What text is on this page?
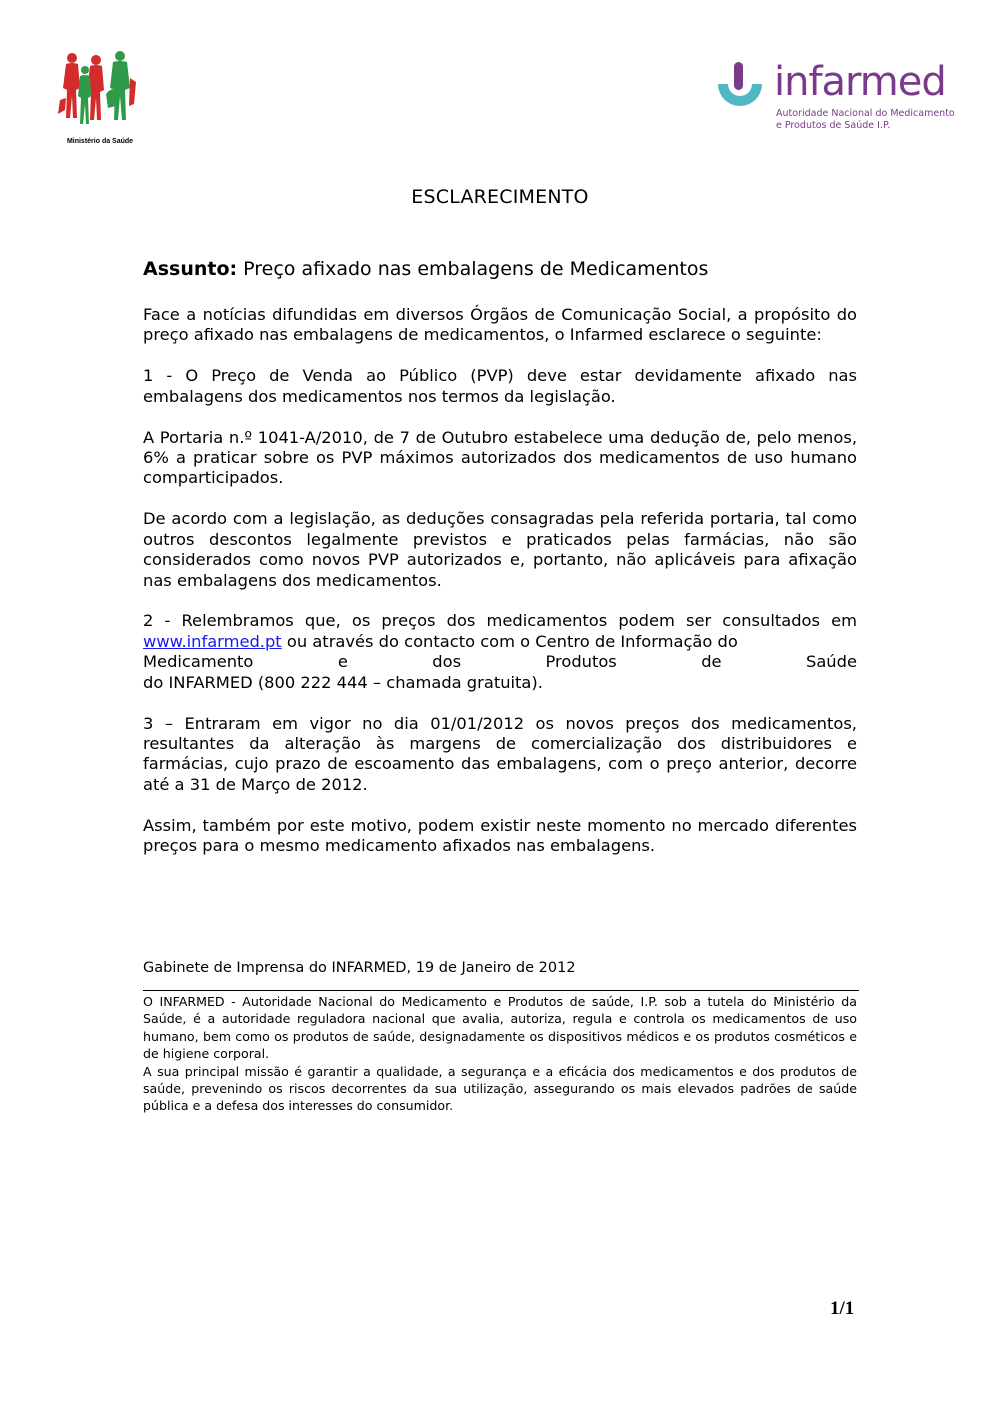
Ministério da Saúde
infarmed
Autoridade Nacional do Medicamento
e Produtos de Saúde I.P.
ESCLARECIMENTO
Assunto: Preço afixado nas embalagens de Medicamentos

Face a notícias difundidas em diversos Órgãos de Comunicação Social, a propósito do preço afixado nas embalagens de medicamentos, o Infarmed esclarece o seguinte:

1 - O Preço de Venda ao Público (PVP) deve estar devidamente afixado nas embalagens dos medicamentos nos termos da legislação.

A Portaria n.º 1041-A/2010, de 7 de Outubro estabelece uma dedução de, pelo menos, 6% a praticar sobre os PVP máximos autorizados dos medicamentos de uso humano comparticipados.

De acordo com a legislação, as deduções consagradas pela referida portaria, tal como outros descontos legalmente previstos e praticados pelas farmácias, não são considerados como novos PVP autorizados e, portanto, não aplicáveis para afixação nas embalagens dos medicamentos.

2 - Relembramos que, os preços dos medicamentos podem ser consultados em www.infarmed.pt ou através do contacto com o Centro de Informação do

Medicamento	e	dos	Produtos	de	Saúde

do INFARMED (800 222 444 – chamada gratuita).

3 – Entraram em vigor no dia 01/01/2012 os novos preços dos medicamentos, resultantes da alteração às margens de comercialização dos distribuidores e farmácias, cujo prazo de escoamento das embalagens, com o preço anterior, decorre até a 31 de Março de 2012.

Assim, também por este motivo, podem existir neste momento no mercado diferentes preços para o mesmo medicamento afixados nas embalagens.

Gabinete de Imprensa do INFARMED, 19 de Janeiro de 2012

O INFARMED - Autoridade Nacional do Medicamento e Produtos de saúde, I.P. sob a tutela do Ministério da Saúde, é a autoridade reguladora nacional que avalia, autoriza, regula e controla os medicamentos de uso humano, bem como os produtos de saúde, designadamente os dispositivos médicos e os produtos cosméticos e de higiene corporal.

A sua principal missão é garantir a qualidade, a segurança e a eficácia dos medicamentos e dos produtos de saúde, prevenindo os riscos decorrentes da sua utilização, assegurando os mais elevados padrões de saúde pública e a defesa dos interesses do consumidor.

1/1
